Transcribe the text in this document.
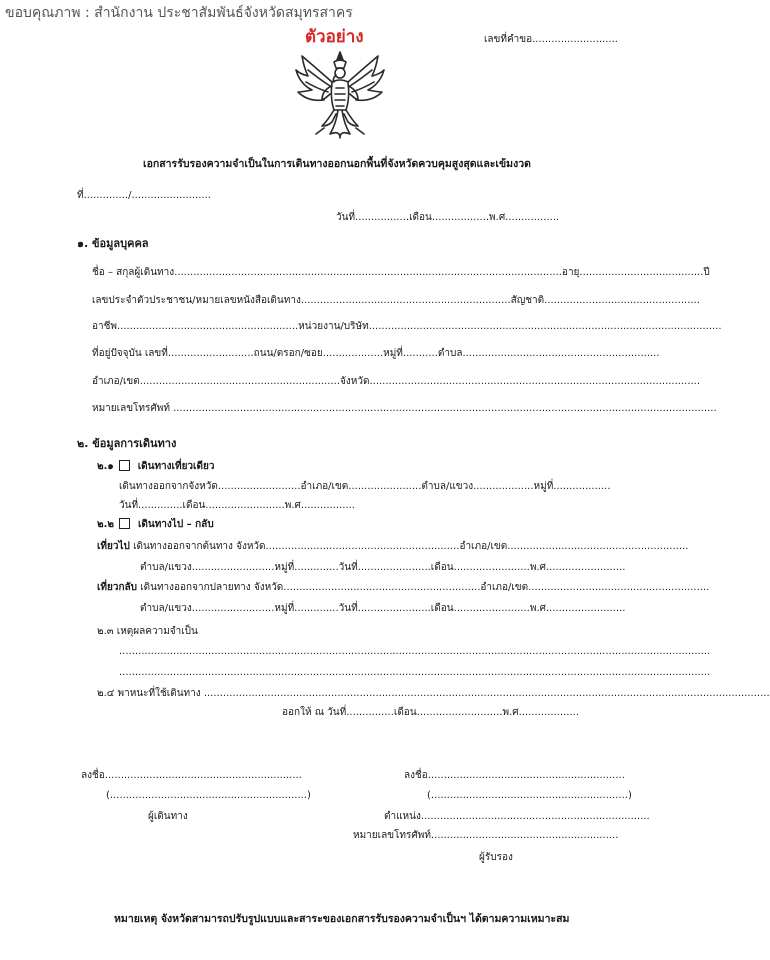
ขอบคุณภาพ : สำนักงาน ประชาสัมพันธ์จังหวัดสมุทรสาคร
ตัวอย่าง	เลขที่คำขอ...........................
เอกสารรับรองความจำเป็นในการเดินทางออกนอกพื้นที่จังหวัดควบคุมสูงสุดและเข้มงวด
ที่............../.........................
วันที่.................เดือน..................พ.ศ.................
๑. ข้อมูลบุคคล
ชื่อ – สกุลผู้เดินทาง..........................................................................................................................อายุ.......................................ปี
เลขประจำตัวประชาชน/หมายเลขหนังสือเดินทาง..................................................................สัญชาติ.................................................
อาชีพ.........................................................หน่วยงาน/บริษัท...............................................................................................................
ที่อยู่ปัจจุบัน เลขที่...........................ถนน/ตรอก/ซอย...................หมู่ที่...........ตำบล..............................................................
อำเภอ/เขต...............................................................จังหวัด........................................................................................................
หมายเลขโทรศัพท์ ...........................................................................................................................................................................
๒. ข้อมูลการเดินทาง
๒.๑ เดินทางเที่ยวเดียว
เดินทางออกจากจังหวัด..........................อำเภอ/เขต.......................ตำบล/แขวง...................หมู่ที่..................
วันที่..............เดือน.........................พ.ศ.................
๒.๒ เดินทางไป – กลับ
เที่ยวไป เดินทางออกจากต้นทาง จังหวัด.............................................................อำเภอ/เขต.........................................................
ตำบล/แขวง..........................หมู่ที่..............วันที่.......................เดือน........................พ.ศ.........................
เที่ยวกลับ เดินทางออกจากปลายทาง จังหวัด..............................................................อำเภอ/เขต.........................................................
ตำบล/แขวง..........................หมู่ที่..............วันที่.......................เดือน........................พ.ศ.........................
๒.๓ เหตุผลความจำเป็น
..........................................................................................................................................................................................
..........................................................................................................................................................................................
๒.๔ พาหนะที่ใช้เดินทาง ..................................................................................................................................................................................
ออกให้ ณ วันที่...............เดือน...........................พ.ศ...................
ลงชื่อ..............................................................
(..............................................................)
ผู้เดินทาง
ลงชื่อ..............................................................
(..............................................................)
ตำแหน่ง........................................................................
หมายเลขโทรศัพท์...........................................................
ผู้รับรอง
หมายเหตุ จังหวัดสามารถปรับรูปแบบและสาระของเอกสารรับรองความจำเป็นฯ ได้ตามความเหมาะสม
